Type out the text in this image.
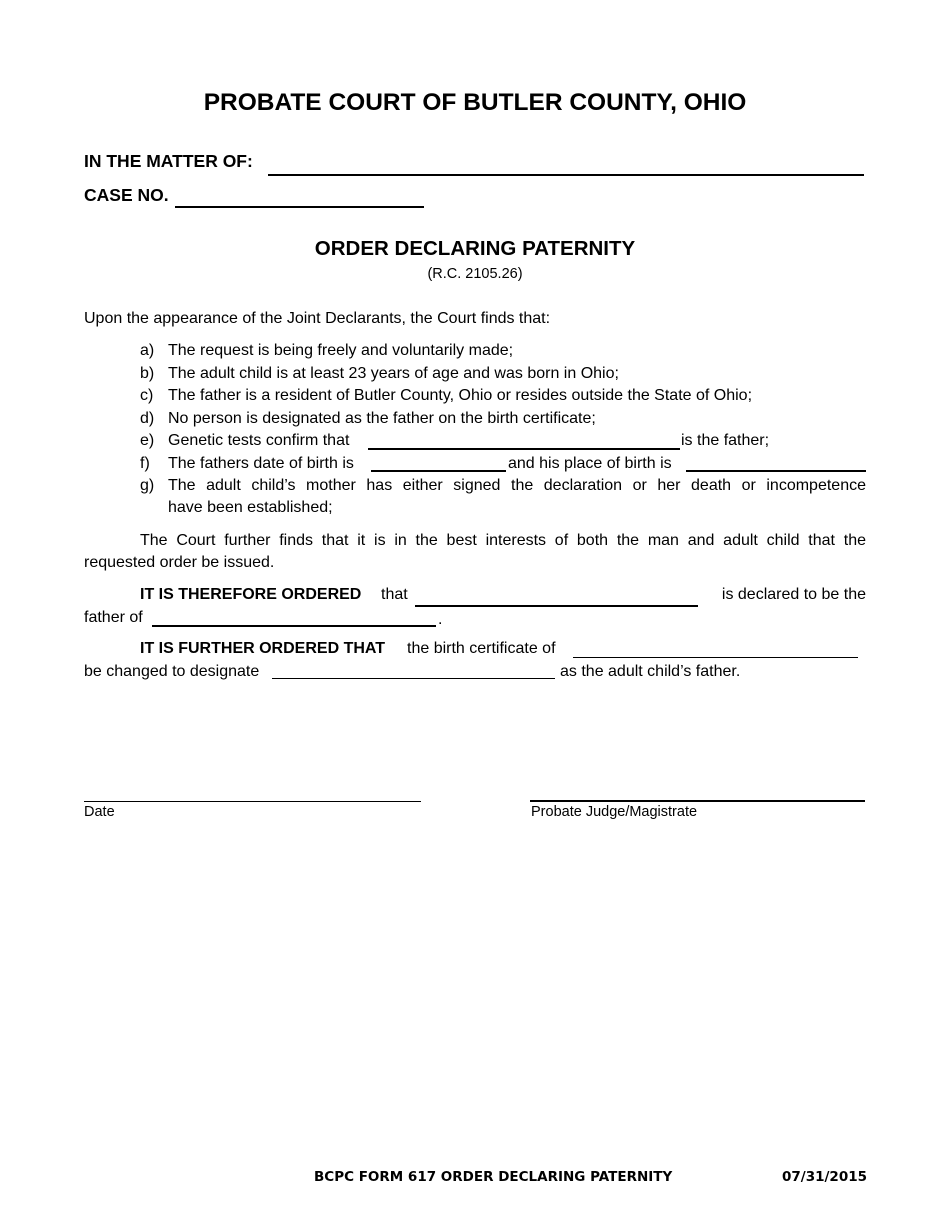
PROBATE COURT OF BUTLER COUNTY, OHIO
IN THE MATTER OF:
CASE NO.
ORDER DECLARING PATERNITY
(R.C. 2105.26)
Upon the appearance of the Joint Declarants, the Court finds that:
a) The request is being freely and voluntarily made;
b) The adult child is at least 23 years of age and was born in Ohio;
c) The father is a resident of Butler County, Ohio or resides outside the State of Ohio;
d) No person is designated as the father on the birth certificate;
e) Genetic tests confirm that	is the father;
f)	The fathers date of birth is	and his place of birth is
g) The adult child’s mother has either signed the declaration or her death or incompetence
have been established;
The Court further finds that it is in the best interests of both the man and adult child that the
requested order be issued.
IT IS THEREFORE ORDERED that	is declared to be the
father of	.
IT IS FURTHER ORDERED THAT the birth certificate of
be changed to designate	as the adult child’s father.
Date	Probate Judge/Magistrate
BCPC FORM 617 ORDER DECLARING PATERNITY	07/31/2015
